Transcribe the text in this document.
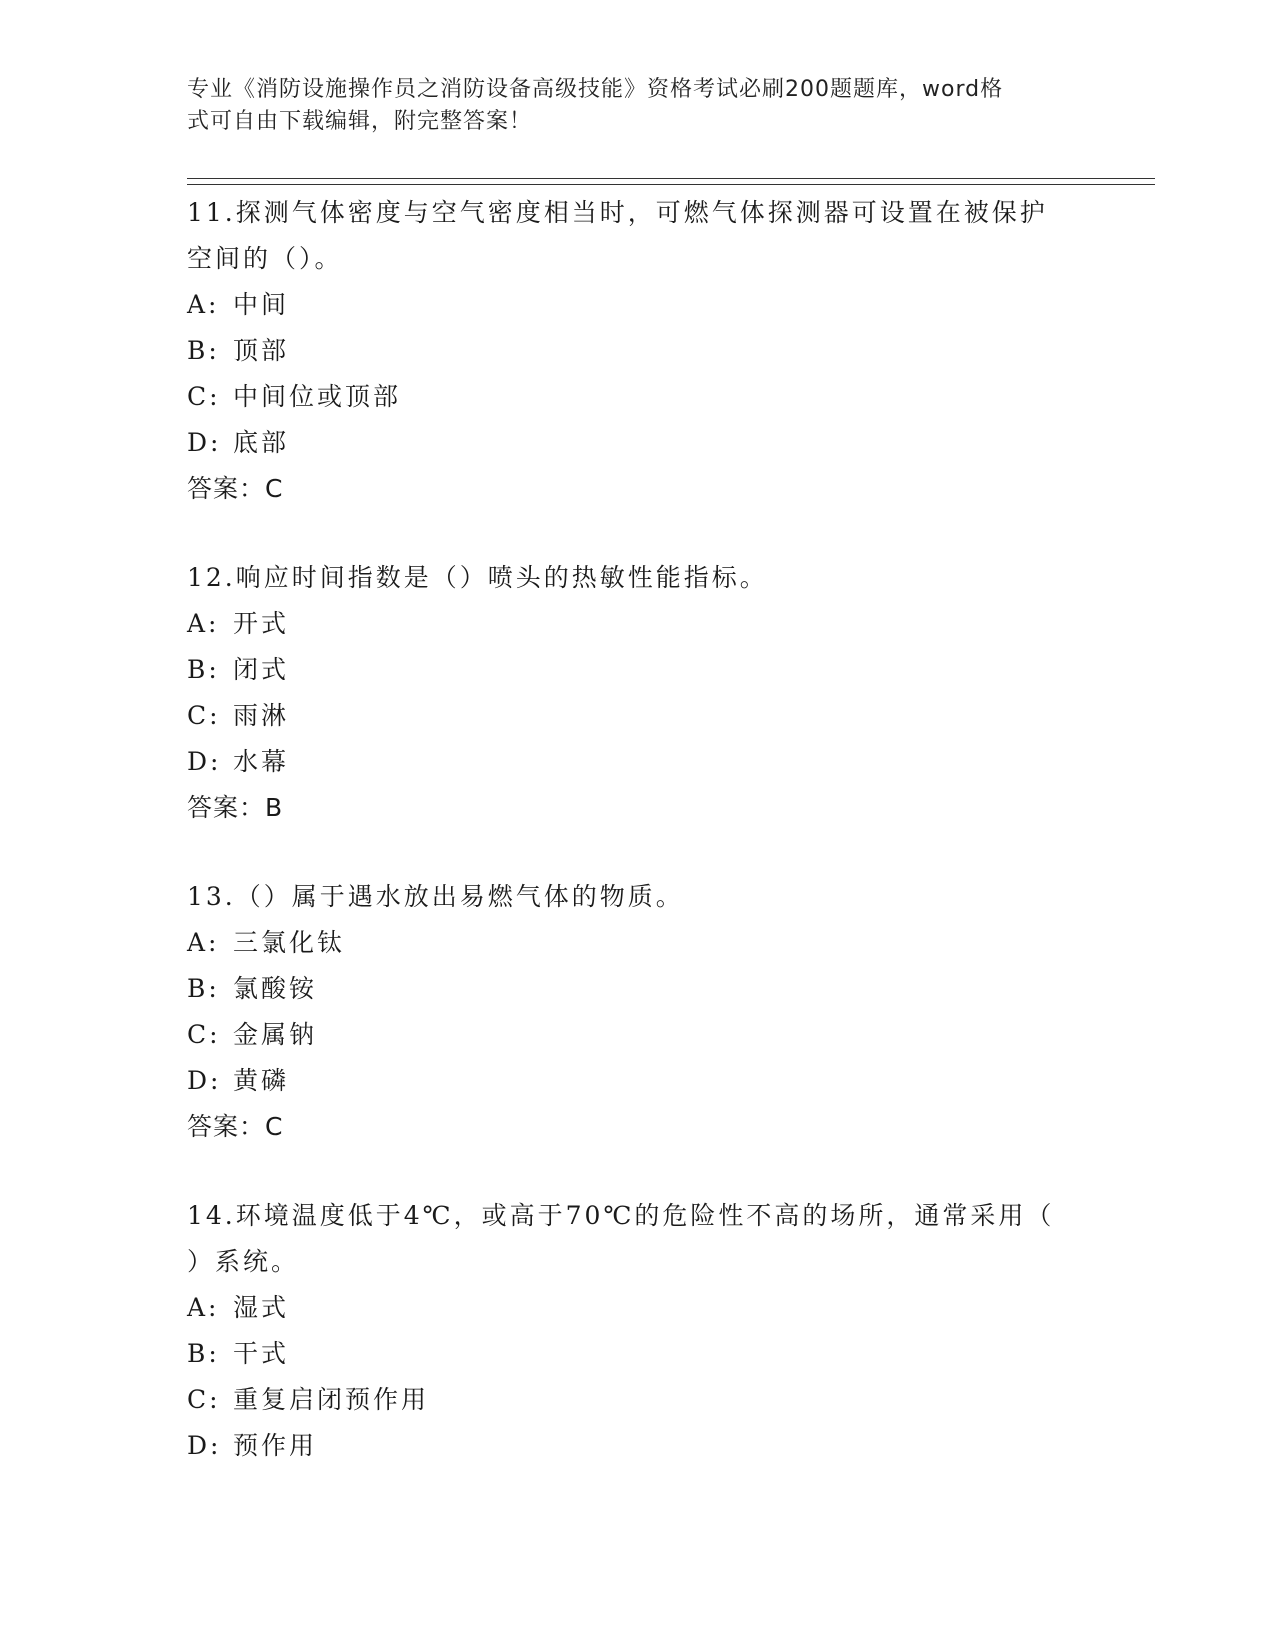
专业《消防设施操作员之消防设备高级技能》资格考试必刷200题题库，word格
式可自由下载编辑，附完整答案！

11.探测气体密度与空气密度相当时，可燃气体探测器可设置在被保护

空间的（）。

A: 中间

B: 顶部

C: 中间位或顶部

D: 底部

答案：C

12.响应时间指数是（）喷头的热敏性能指标。

A: 开式

B: 闭式

C: 雨淋

D: 水幕

答案：B

13.（）属于遇水放出易燃气体的物质。

A: 三氯化钛

B: 氯酸铵

C: 金属钠

D: 黄磷

答案：C

14.环境温度低于4℃，或高于70℃的危险性不高的场所，通常采用（

）系统。

A: 湿式

B: 干式

C: 重复启闭预作用

D: 预作用
